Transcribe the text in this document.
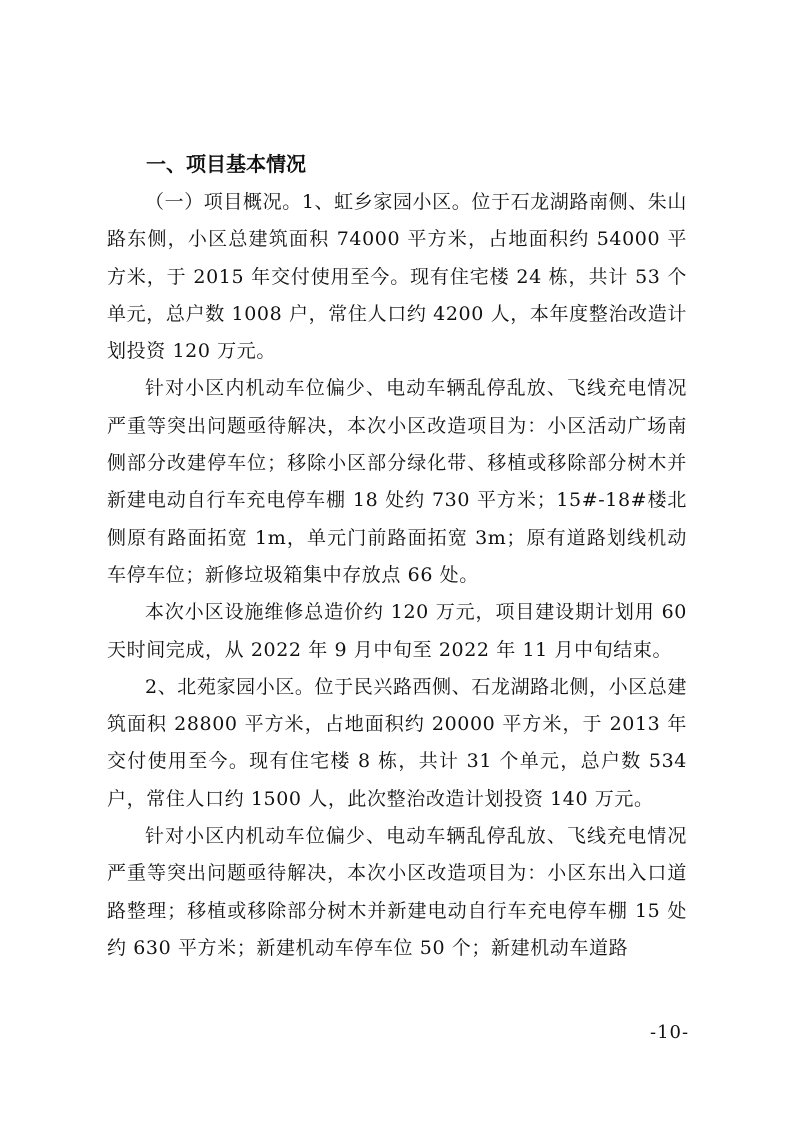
一、项目基本情况

（一）项目概况。1、虹乡家园小区。位于石龙湖路南侧、朱山路东侧，小区总建筑面积 74000 平方米，占地面积约 54000 平方米，于 2015 年交付使用至今。现有住宅楼 24 栋，共计 53 个单元，总户数 1008 户，常住人口约 4200 人，本年度整治改造计划投资 120 万元。

针对小区内机动车位偏少、电动车辆乱停乱放、飞线充电情况严重等突出问题亟待解决，本次小区改造项目为：小区活动广场南侧部分改建停车位；移除小区部分绿化带、移植或移除部分树木并新建电动自行车充电停车棚 18 处约 730 平方米；15#-18#楼北侧原有路面拓宽 1m，单元门前路面拓宽 3m；原有道路划线机动车停车位；新修垃圾箱集中存放点 66 处。

本次小区设施维修总造价约 120 万元，项目建设期计划用 60 天时间完成，从 2022 年 9 月中旬至 2022 年 11 月中旬结束。

2、北苑家园小区。位于民兴路西侧、石龙湖路北侧，小区总建筑面积 28800 平方米，占地面积约 20000 平方米，于 2013 年交付使用至今。现有住宅楼 8 栋，共计 31 个单元，总户数 534 户，常住人口约 1500 人，此次整治改造计划投资 140 万元。

针对小区内机动车位偏少、电动车辆乱停乱放、飞线充电情况严重等突出问题亟待解决，本次小区改造项目为：小区东出入口道路整理；移植或移除部分树木并新建电动自行车充电停车棚 15 处约 630 平方米；新建机动车停车位 50 个；新建机动车道路

-10-
